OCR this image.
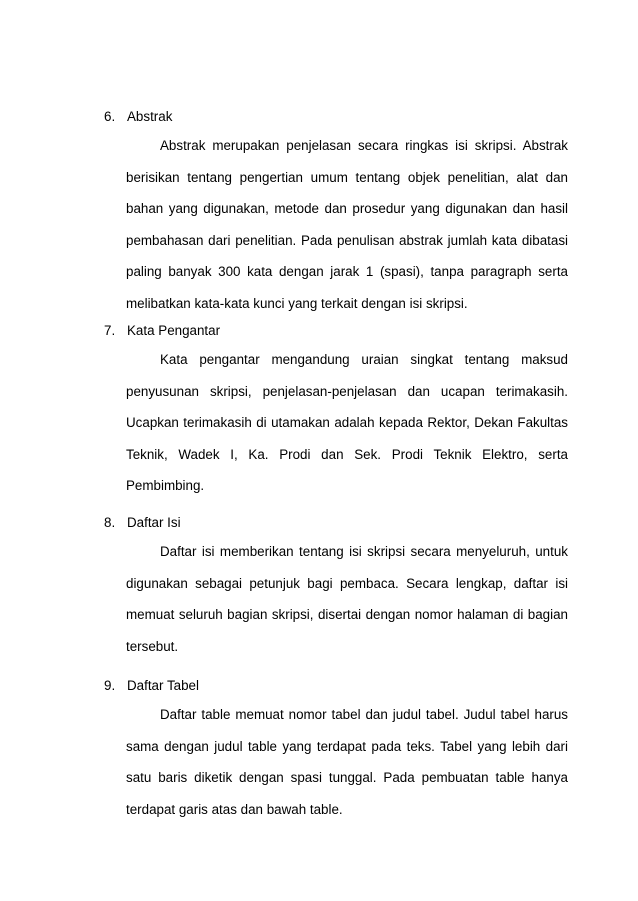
6. Abstrak

Abstrak merupakan penjelasan secara ringkas isi skripsi. Abstrak berisikan tentang pengertian umum tentang objek penelitian, alat dan bahan yang digunakan, metode dan prosedur yang digunakan dan hasil pembahasan dari penelitian. Pada penulisan abstrak jumlah kata dibatasi paling banyak 300 kata dengan jarak 1 (spasi), tanpa paragraph serta melibatkan kata-kata kunci yang terkait dengan isi skripsi.

7. Kata Pengantar

Kata pengantar mengandung uraian singkat tentang maksud penyusunan skripsi, penjelasan-penjelasan dan ucapan terimakasih. Ucapkan terimakasih di utamakan adalah kepada Rektor, Dekan Fakultas Teknik, Wadek I, Ka. Prodi dan Sek. Prodi Teknik Elektro, serta Pembimbing.

8. Daftar Isi

Daftar isi memberikan tentang isi skripsi secara menyeluruh, untuk digunakan sebagai petunjuk bagi pembaca. Secara lengkap, daftar isi memuat seluruh bagian skripsi, disertai dengan nomor halaman di bagian tersebut.

9. Daftar Tabel

Daftar table memuat nomor tabel dan judul tabel. Judul tabel harus sama dengan judul table yang terdapat pada teks. Tabel yang lebih dari satu baris diketik dengan spasi tunggal. Pada pembuatan table hanya terdapat garis atas dan bawah table.
